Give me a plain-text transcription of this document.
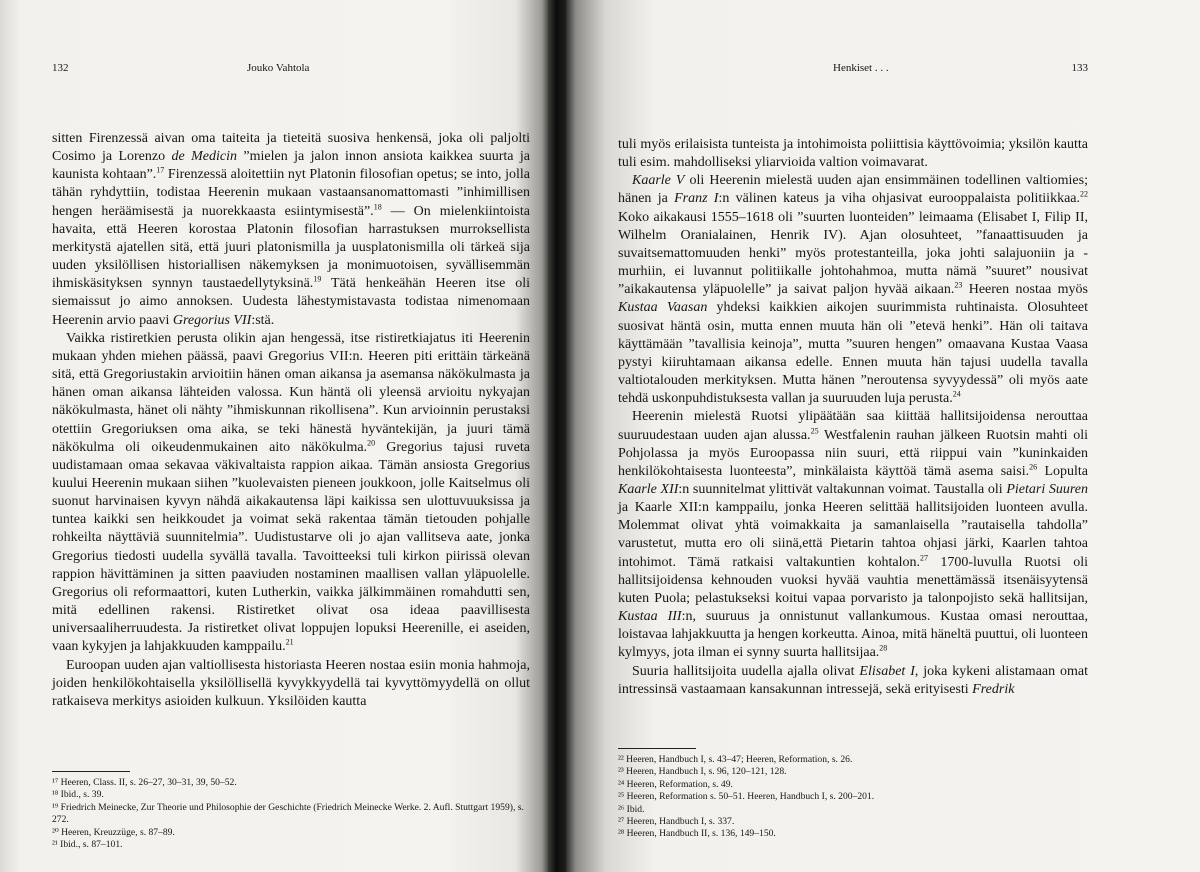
132	Jouko Vahtola

sitten Firenzessä aivan oma taiteita ja tieteitä suosiva henkensä, joka oli paljolti Cosimo ja Lorenzo de Medicin ”mielen ja jalon innon ansiota kaikkea suurta ja kaunista kohtaan”.$^{17}$ Firenzessä aloitettiin nyt Platonin filosofian opetus; se into, jolla tähän ryhdyttiin, todistaa Heerenin mukaan vastaansanomattomasti ”inhimillisen hengen heräämisestä ja nuorekkaasta esiintymisestä”.$^{18}$ — On mielenkiintoista havaita, että Heeren korostaa Platonin filosofian harrastuksen murroksellista merkitystä ajatellen sitä, että juuri platonismilla ja uusplatonismilla oli tärkeä sija uuden yksilöllisen historiallisen näkemyksen ja monimuotoisen, syvällisemmän ihmiskäsityksen synnyn taustaedellytyksinä.$^{19}$ Tätä henkeähän Heeren itse oli siemaissut jo aimo annoksen. Uudesta lähestymistavasta todistaa nimenomaan Heerenin arvio paavi Gregorius VII:stä.

Vaikka ristiretkien perusta olikin ajan hengessä, itse ristiretkiajatus iti Heerenin mukaan yhden miehen päässä, paavi Gregorius VII:n. Heeren piti erittäin tärkeänä sitä, että Gregoriustakin arvioitiin hänen oman aikansa ja asemansa näkökulmasta ja hänen oman aikansa lähteiden valossa. Kun häntä oli yleensä arvioitu nykyajan näkökulmasta, hänet oli nähty ”ihmiskunnan rikollisena”. Kun arvioinnin perustaksi otettiin Gregoriuksen oma aika, se teki hänestä hyväntekijän, ja juuri tämä näkökulma oli oikeudenmukainen aito näkökulma.$^{20}$ Gregorius tajusi ruveta uudistamaan omaa sekavaa väkivaltaista rappion aikaa. Tämän ansiosta Gregorius kuului Heerenin mukaan siihen ”kuolevaisten pieneen joukkoon, jolle Kaitselmus oli suonut harvinaisen kyvyn nähdä aikakautensa läpi kaikissa sen ulottuvuuksissa ja tuntea kaikki sen heikkoudet ja voimat sekä rakentaa tämän tietouden pohjalle rohkeilta näyttäviä suunnitelmia”. Uudistustarve oli jo ajan vallitseva aate, jonka Gregorius tiedosti uudella syvällä tavalla. Tavoitteeksi tuli kirkon piirissä olevan rappion hävittäminen ja sitten paaviuden nostaminen maallisen vallan yläpuolelle. Gregorius oli reformaattori, kuten Lutherkin, vaikka jälkimmäinen romahdutti sen, mitä edellinen rakensi. Ristiretket olivat osa ideaa paavillisesta universaaliherruudesta. Ja ristiretket olivat loppujen lopuksi Heerenille, ei aseiden, vaan kykyjen ja lahjakkuuden kamppailu.$^{21}$

Euroopan uuden ajan valtiollisesta historiasta Heeren nostaa esiin monia hahmoja, joiden henkilökohtaisella yksilöllisellä kyvykkyydellä tai kyvyttömyydellä on ollut ratkaiseva merkitys asioiden kulkuun. Yksilöiden kautta

¹⁷ Heeren, Class. II, s. 26–27, 30–31, 39, 50–52.
¹⁸ Ibid., s. 39.
¹⁹ Friedrich Meinecke, Zur Theorie und Philosophie der Geschichte (Friedrich Meinecke Werke. 2. Aufl. Stuttgart 1959), s. 272.
²⁰ Heeren, Kreuzzüge, s. 87–89.
²¹ Ibid., s. 87–101.
Henkiset . . .	133

tuli myös erilaisista tunteista ja intohimoista poliittisia käyttövoimia; yksilön kautta tuli esim. mahdolliseksi yliarvioida valtion voimavarat.

Kaarle V oli Heerenin mielestä uuden ajan ensimmäinen todellinen valtiomies; hänen ja Franz I:n välinen kateus ja viha ohjasivat eurooppalaista politiikkaa.$^{22}$ Koko aikakausi 1555–1618 oli ”suurten luonteiden” leimaama (Elisabet I, Filip II, Wilhelm Oranialainen, Henrik IV). Ajan olosuhteet, ”fanaattisuuden ja suvaitsemattomuuden henki” myös protestanteilla, joka johti salajuoniin ja -murhiin, ei luvannut politiikalle johtohahmoa, mutta nämä ”suuret” nousivat ”aikakautensa yläpuolelle” ja saivat paljon hyvää aikaan.$^{23}$ Heeren nostaa myös Kustaa Vaasan yhdeksi kaikkien aikojen suurimmista ruhtinaista. Olosuhteet suosivat häntä osin, mutta ennen muuta hän oli ”etevä henki”. Hän oli taitava käyttämään ”tavallisia keinoja”, mutta ”suuren hengen” omaavana Kustaa Vaasa pystyi kiiruhtamaan aikansa edelle. Ennen muuta hän tajusi uudella tavalla valtiotalouden merkityksen. Mutta hänen ”neroutensa syvyydessä” oli myös aate tehdä uskonpuhdistuksesta vallan ja suuruuden luja perusta.$^{24}$

Heerenin mielestä Ruotsi ylipäätään saa kiittää hallitsijoidensa nerouttaa suuruudestaan uuden ajan alussa.$^{25}$ Westfalenin rauhan jälkeen Ruotsin mahti oli Pohjolassa ja myös Euroopassa niin suuri, että riippui vain ”kuninkaiden henkilökohtaisesta luonteesta”, minkälaista käyttöä tämä asema saisi.$^{26}$ Lopulta Kaarle XII:n suunnitelmat ylittivät valtakunnan voimat. Taustalla oli Pietari Suuren ja Kaarle XII:n kamppailu, jonka Heeren selittää hallitsijoiden luonteen avulla. Molemmat olivat yhtä voimakkaita ja samanlaisella ”rautaisella tahdolla” varustetut, mutta ero oli siinä,että Pietarin tahtoa ohjasi järki, Kaarlen tahtoa intohimot. Tämä ratkaisi valtakuntien kohtalon.$^{27}$ 1700-luvulla Ruotsi oli hallitsijoidensa kehnouden vuoksi hyvää vauhtia menettämässä itsenäisyytensä kuten Puola; pelastukseksi koitui vapaa porvaristo ja talonpojisto sekä hallitsijan, Kustaa III:n, suuruus ja onnistunut vallankumous. Kustaa omasi nerouttaa, loistavaa lahjakkuutta ja hengen korkeutta. Ainoa, mitä häneltä puuttui, oli luonteen kylmyys, jota ilman ei synny suurta hallitsijaa.$^{28}$

Suuria hallitsijoita uudella ajalla olivat Elisabet I, joka kykeni alistamaan omat intressinsä vastaamaan kansakunnan intressejä, sekä erityisesti Fredrik

²² Heeren, Handbuch I, s. 43–47; Heeren, Reformation, s. 26.
²³ Heeren, Handbuch I, s. 96, 120–121, 128.
²⁴ Heeren, Reformation, s. 49.
²⁵ Heeren, Reformation s. 50–51. Heeren, Handbuch I, s. 200–201.
²⁶ Ibid.
²⁷ Heeren, Handbuch I, s. 337.
²⁸ Heeren, Handbuch II, s. 136, 149–150.
